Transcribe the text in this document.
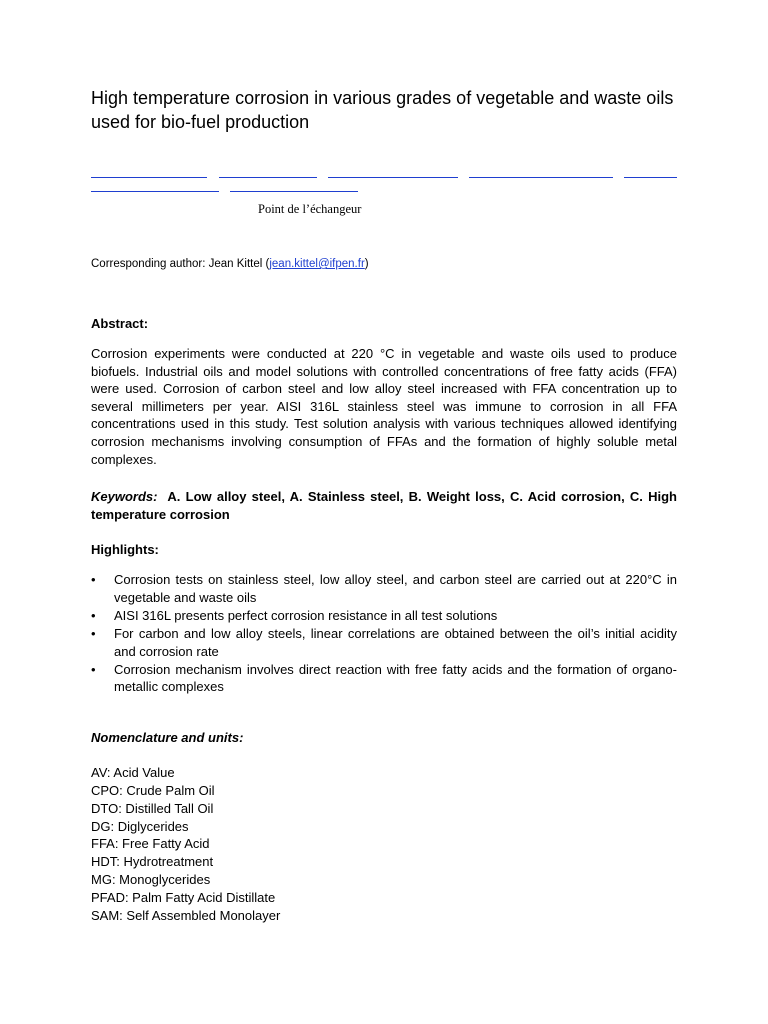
High temperature corrosion in various grades of vegetable and waste oils used for bio-fuel production
Point de l’échangeur
Corresponding author: Jean Kittel (jean.kittel@ifpen.fr)
Abstract:

Corrosion experiments were conducted at 220 °C in vegetable and waste oils used to produce biofuels. Industrial oils and model solutions with controlled concentrations of free fatty acids (FFA) were used. Corrosion of carbon steel and low alloy steel increased with FFA concentration up to several millimeters per year. AISI 316L stainless steel was immune to corrosion in all FFA concentrations used in this study. Test solution analysis with various techniques allowed identifying corrosion mechanisms involving consumption of FFAs and the formation of highly soluble metal complexes.

Keywords: A. Low alloy steel, A. Stainless steel, B. Weight loss, C. Acid corrosion, C. High temperature corrosion

Highlights:
• Corrosion tests on stainless steel, low alloy steel, and carbon steel are carried out at 220°C in vegetable and waste oils
• AISI 316L presents perfect corrosion resistance in all test solutions
• For carbon and low alloy steels, linear correlations are obtained between the oil’s initial acidity and corrosion rate
• Corrosion mechanism involves direct reaction with free fatty acids and the formation of organo-metallic complexes
Nomenclature and units:
AV: Acid Value
CPO: Crude Palm Oil
DTO: Distilled Tall Oil
DG: Diglycerides
FFA: Free Fatty Acid
HDT: Hydrotreatment
MG: Monoglycerides
PFAD: Palm Fatty Acid Distillate
SAM: Self Assembled Monolayer
